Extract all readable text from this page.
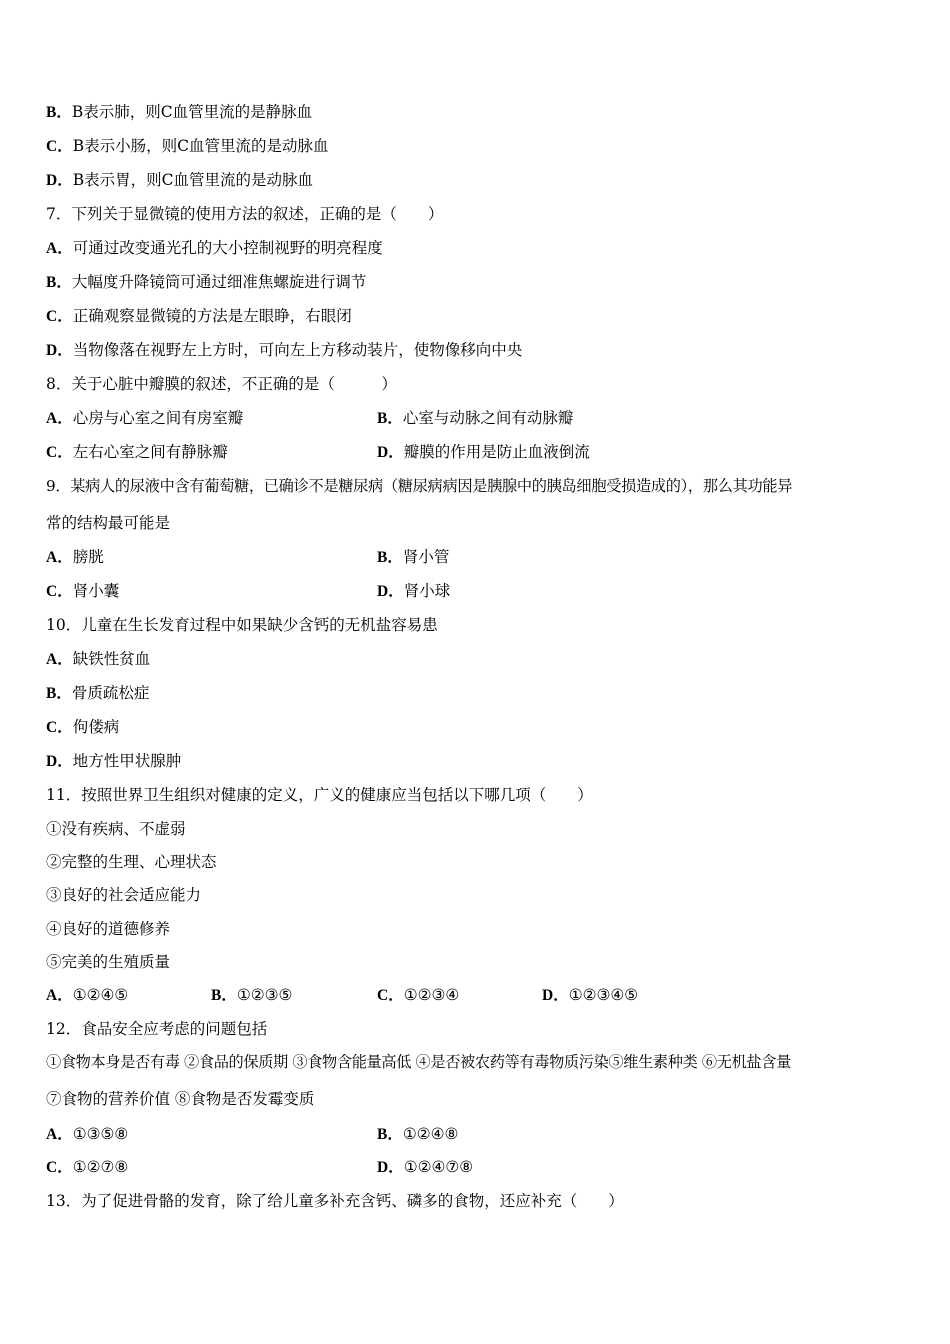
B．B表示肺，则C血管里流的是静脉血
C．B表示小肠，则C血管里流的是动脉血
D．B表示胃，则C血管里流的是动脉血
7．下列关于显微镜的使用方法的叙述，正确的是（　　）
A．可通过改变通光孔的大小控制视野的明亮程度
B．大幅度升降镜筒可通过细准焦螺旋进行调节
C．正确观察显微镜的方法是左眼睁，右眼闭
D．当物像落在视野左上方时，可向左上方移动装片，使物像移向中央
8．关于心脏中瓣膜的叙述，不正确的是（　　　）
A．心房与心室之间有房室瓣	B．心室与动脉之间有动脉瓣
C．左右心室之间有静脉瓣	D．瓣膜的作用是防止血液倒流
9．某病人的尿液中含有葡萄糖，已确诊不是糖尿病（糖尿病病因是胰腺中的胰岛细胞受损造成的），那么其功能异
常的结构最可能是
A．膀胱	B．肾小管
C．肾小囊	D．肾小球
10．儿童在生长发育过程中如果缺少含钙的无机盐容易患
A．缺铁性贫血
B．骨质疏松症
C．佝偻病
D．地方性甲状腺肿
11．按照世界卫生组织对健康的定义，广义的健康应当包括以下哪几项（　　）
①没有疾病、不虚弱
②完整的生理、心理状态
③良好的社会适应能力
④良好的道德修养
⑤完美的生殖质量
A．①②④⑤	B．①②③⑤	C．①②③④	D．①②③④⑤
12．食品安全应考虑的问题包括
①食物本身是否有毒 ②食品的保质期 ③食物含能量高低 ④是否被农药等有毒物质污染⑤维生素种类 ⑥无机盐含量
⑦食物的营养价值 ⑧食物是否发霉变质
A．①③⑤⑧	B．①②④⑧
C．①②⑦⑧	D．①②④⑦⑧
13．为了促进骨骼的发育，除了给儿童多补充含钙、磷多的食物，还应补充（　　）
